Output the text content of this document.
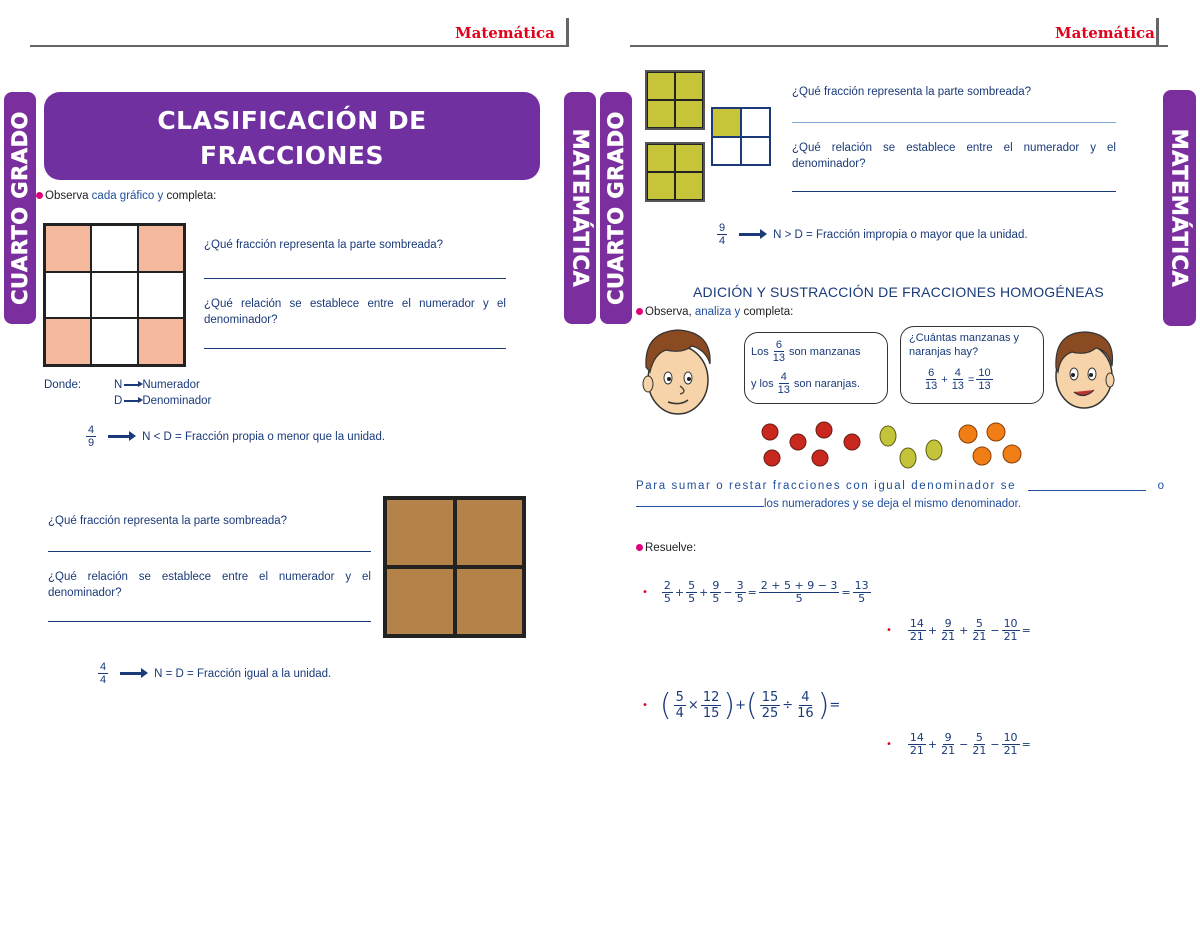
Matemática	Matemática
CUARTO GRADO	MATEMÁTICA CUARTO GRADO	MATEMÁTICA
CLASIFICACIÓN DE
FRACCIONES
Observa cada gráfico y completa:
¿Qué fracción representa la parte sombreada?
¿Qué relación se establece entre el numerador y el denominador?
Donde:	N Numerador
D Denominador
$\frac{4}{9}$	N < D = Fracción propia o menor que la unidad.
¿Qué fracción representa la parte sombreada?
¿Qué relación se establece entre el numerador y el denominador?
$\frac{4}{4}$	N = D = Fracción igual a la unidad.
¿Qué fracción representa la parte sombreada?
¿Qué relación se establece entre el numerador y el denominador?
$\frac{9}{4}$	N > D = Fracción impropia o mayor que la unidad.
ADICIÓN Y SUSTRACCIÓN DE FRACCIONES HOMOGÉNEAS
Observa, analiza y completa:
Los $\frac{6}{13}$ son manzanas
y los $\frac{4}{13}$ son naranjas.
¿Cuántas manzanas y naranjas hay?
$\frac{6}{13} + \frac{4}{13} = \frac{10}{13}$
Para sumar o restar fracciones con igual denominador se	o
los numeradores y se deja el mismo denominador.
Resuelve:
• $\frac{2}{5} + \frac{5}{5} + \frac{9}{5} - \frac{3}{5} = \frac{2 + 5 + 9 - 3}{5} = \frac{13}{5}$
• $\frac{14}{21} + \frac{9}{21} + \frac{5}{21} - \frac{10}{21}$ =
• ( $\frac{5}{4} \times \frac{12}{15}$ ) + ( $\frac{15}{25} \div \frac{4}{16}$ ) =
• $\frac{14}{21} + \frac{9}{21} - \frac{5}{21} - \frac{10}{21}$ =
